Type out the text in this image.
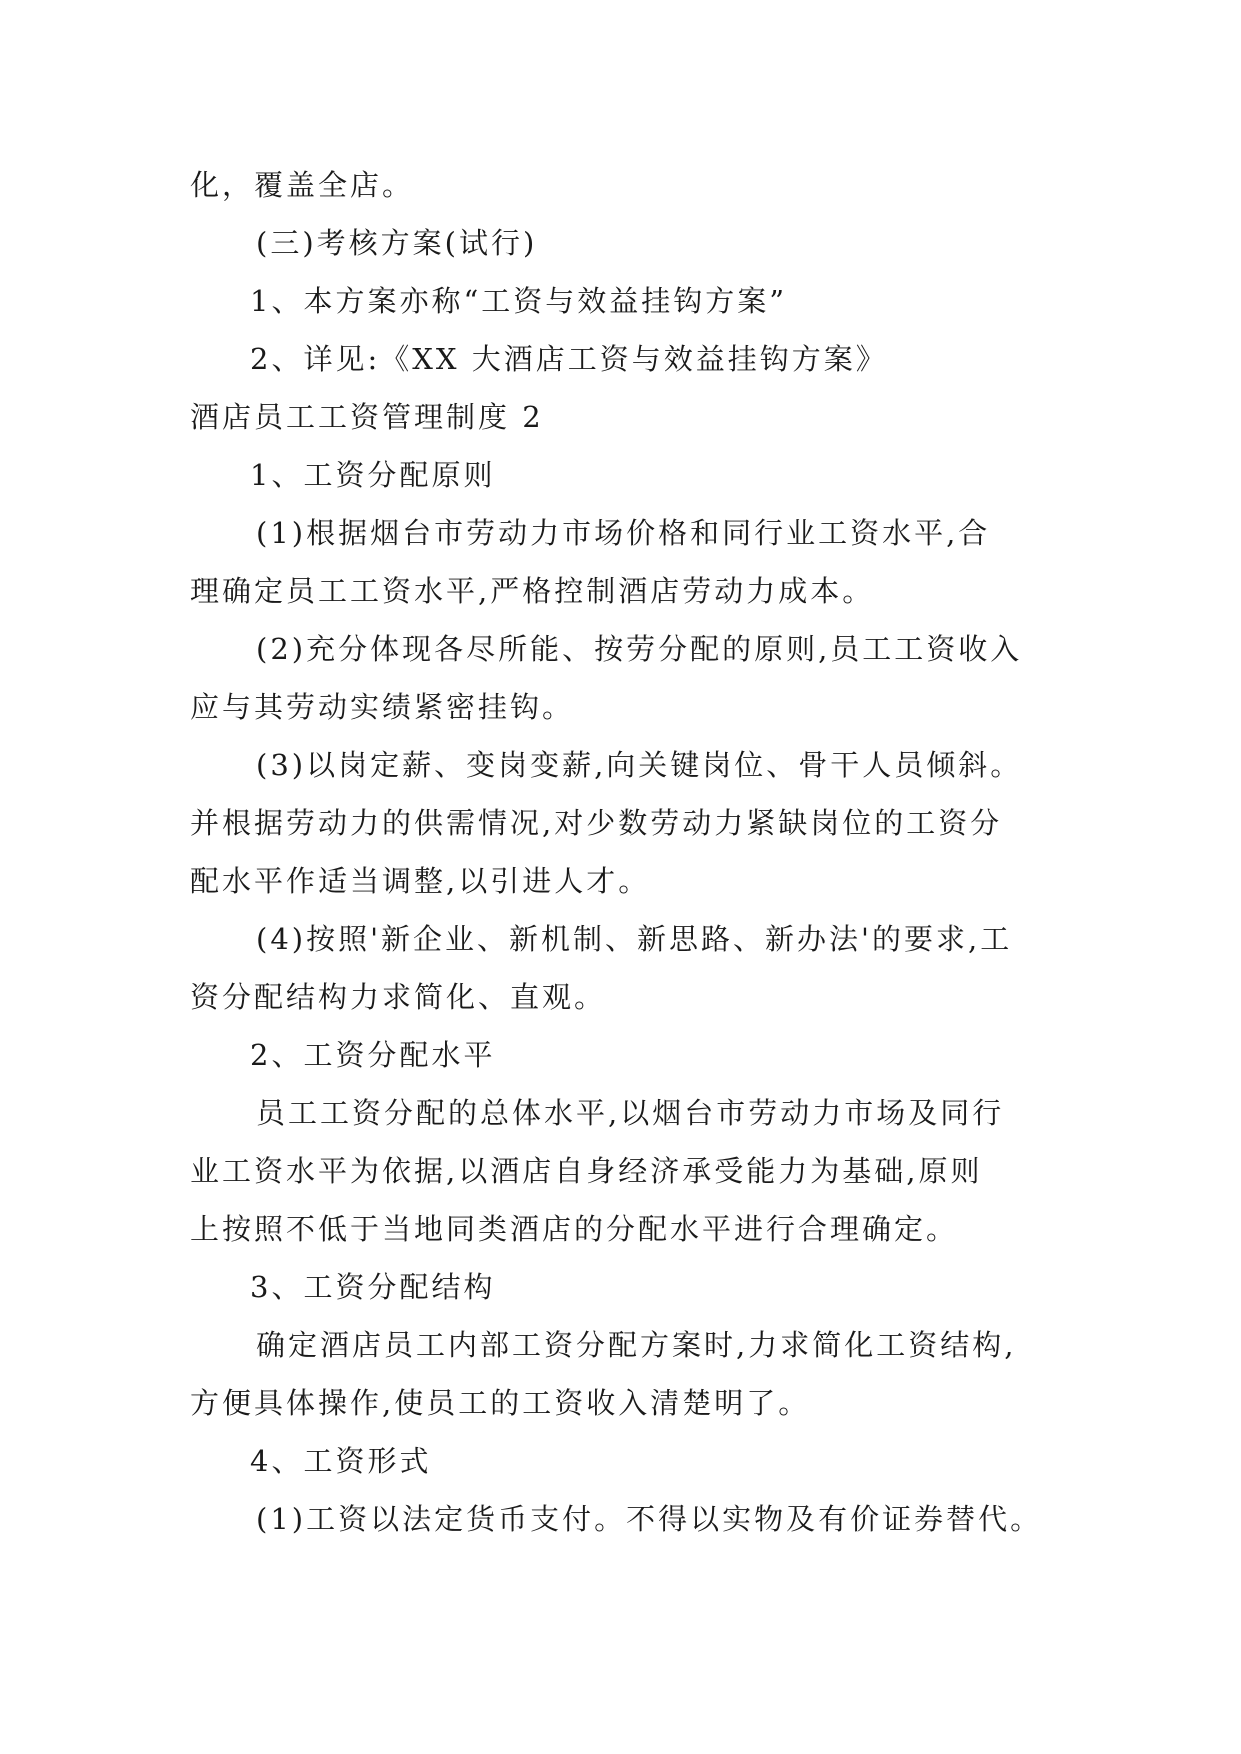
化，覆盖全店。
(三)考核方案(试行)
1、本方案亦称“工资与效益挂钩方案”
2、详见:《XX 大酒店工资与效益挂钩方案》
酒店员工工资管理制度 2
1、工资分配原则
(1)根据烟台市劳动力市场价格和同行业工资水平,合
理确定员工工资水平,严格控制酒店劳动力成本。
(2)充分体现各尽所能、按劳分配的原则,员工工资收入
应与其劳动实绩紧密挂钩。
(3)以岗定薪、变岗变薪,向关键岗位、骨干人员倾斜。
并根据劳动力的供需情况,对少数劳动力紧缺岗位的工资分
配水平作适当调整,以引进人才。
(4)按照'新企业、新机制、新思路、新办法'的要求,工
资分配结构力求简化、直观。
2、工资分配水平
员工工资分配的总体水平,以烟台市劳动力市场及同行
业工资水平为依据,以酒店自身经济承受能力为基础,原则
上按照不低于当地同类酒店的分配水平进行合理确定。
3、工资分配结构
确定酒店员工内部工资分配方案时,力求简化工资结构,
方便具体操作,使员工的工资收入清楚明了。
4、工资形式
(1)工资以法定货币支付。不得以实物及有价证券替代。
